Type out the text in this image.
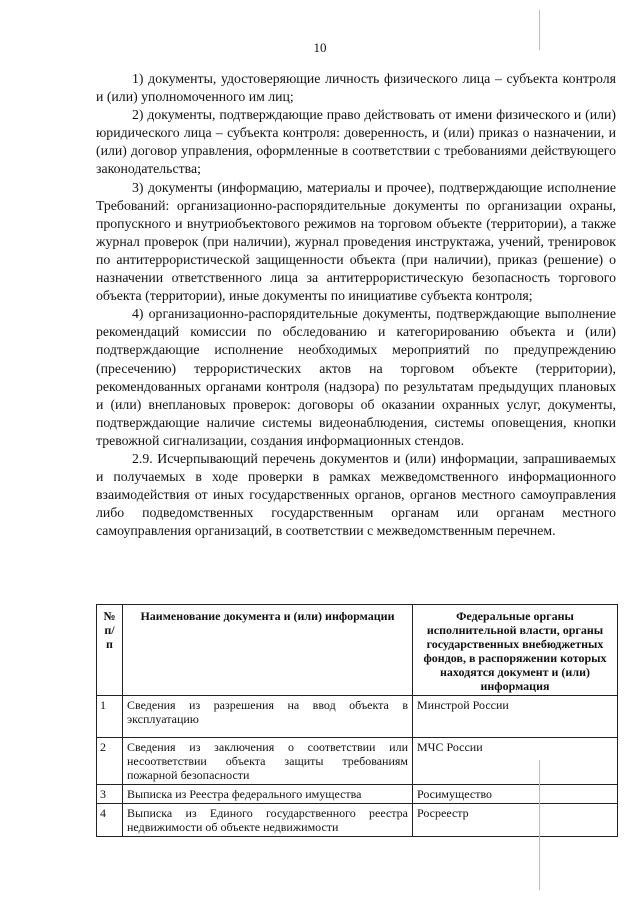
10

1) документы, удостоверяющие личность физического лица – субъекта контроля и (или) уполномоченного им лиц;

2) документы, подтверждающие право действовать от имени физического и (или) юридического лица – субъекта контроля: доверенность, и (или) приказ о назначении, и (или) договор управления, оформленные в соответствии с требованиями действующего законодательства;

3) документы (информацию, материалы и прочее), подтверждающие исполнение Требований: организационно-распорядительные документы по организации охраны, пропускного и внутриобъектового режимов на торговом объекте (территории), а также журнал проверок (при наличии), журнал проведения инструктажа, учений, тренировок по антитеррористической защищенности объекта (при наличии), приказ (решение) о назначении ответственного лица за антитеррористическую безопасность торгового объекта (территории), иные документы по инициативе субъекта контроля;

4) организационно-распорядительные документы, подтверждающие выполнение рекомендаций комиссии по обследованию и категорированию объекта и (или) подтверждающие исполнение необходимых мероприятий по предупреждению (пресечению) террористических актов на торговом объекте (территории), рекомендованных органами контроля (надзора) по результатам предыдущих плановых и (или) внеплановых проверок: договоры об оказании охранных услуг, документы, подтверждающие наличие системы видеонаблюдения, системы оповещения, кнопки тревожной сигнализации, создания информационных стендов.

2.9. Исчерпывающий перечень документов и (или) информации, запрашиваемых и получаемых в ходе проверки в рамках межведомственного информационного взаимодействия от иных государственных органов, органов местного самоуправления либо подведомственных государственным органам или органам местного самоуправления организаций, в соответствии с межведомственным перечнем.

№ п/п	Наименование документа и (или) информации	Федеральные органы исполнительной власти, органы государственных внебюджетных фондов, в распоряжении которых находятся документ и (или) информация
1	Сведения из разрешения на ввод объекта в эксплуатацию	Минстрой России
2	Сведения из заключения о соответствии или несоответствии объекта защиты требованиям пожарной безопасности	МЧС России
3	Выписка из Реестра федерального имущества	Росимущество
4	Выписка из Единого государственного реестра недвижимости об объекте недвижимости	Росреестр
